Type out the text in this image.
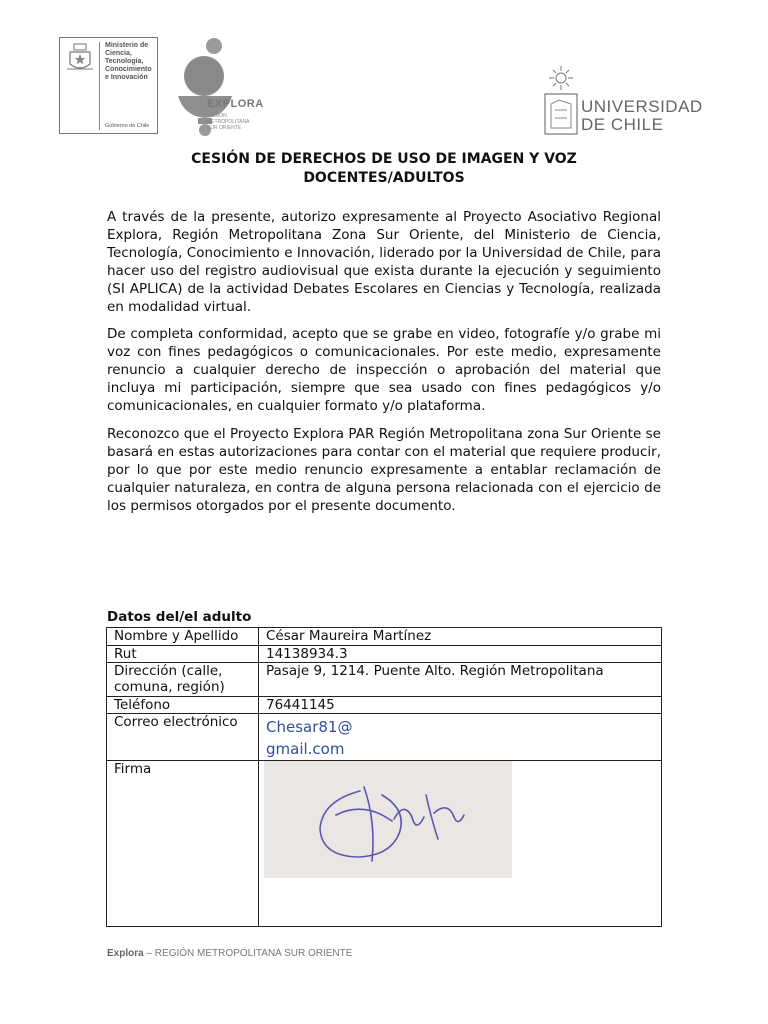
Ministerio de
Ciencia,
Tecnología,
Conocimiento
e Innovación
Gobierno de Chile
EXPLORA
REGIÓN
METROPOLITANA
SUR ORIENTE
UNIVERSIDAD
DE CHILE
CESIÓN DE DERECHOS DE USO DE IMAGEN Y VOZ
DOCENTES/ADULTOS

A través de la presente, autorizo expresamente al Proyecto Asociativo Regional Explora, Región Metropolitana Zona Sur Oriente, del Ministerio de Ciencia, Tecnología, Conocimiento e Innovación, liderado por la Universidad de Chile, para hacer uso del registro audiovisual que exista durante la ejecución y seguimiento (SI APLICA) de la actividad Debates Escolares en Ciencias y Tecnología, realizada en modalidad virtual.

De completa conformidad, acepto que se grabe en video, fotografíe y/o grabe mi voz con fines pedagógicos o comunicacionales. Por este medio, expresamente renuncio a cualquier derecho de inspección o aprobación del material que incluya mi participación, siempre que sea usado con fines pedagógicos y/o comunicacionales, en cualquier formato y/o plataforma.

Reconozco que el Proyecto Explora PAR Región Metropolitana zona Sur Oriente se basará en estas autorizaciones para contar con el material que requiere producir, por lo que por este medio renuncio expresamente a entablar reclamación de cualquier naturaleza, en contra de alguna persona relacionada con el ejercicio de los permisos otorgados por el presente documento.

Datos del/el adulto
Nombre y Apellido	César Maureira Martínez
Rut	14138934.3
Dirección (calle, comuna, región)	Pasaje 9, 1214. Puente Alto. Región Metropolitana
Teléfono	76441145
Correo electrónico	Chesar81@
gmail.com

Firma	
Explora – REGIÓN METROPOLITANA SUR ORIENTE
